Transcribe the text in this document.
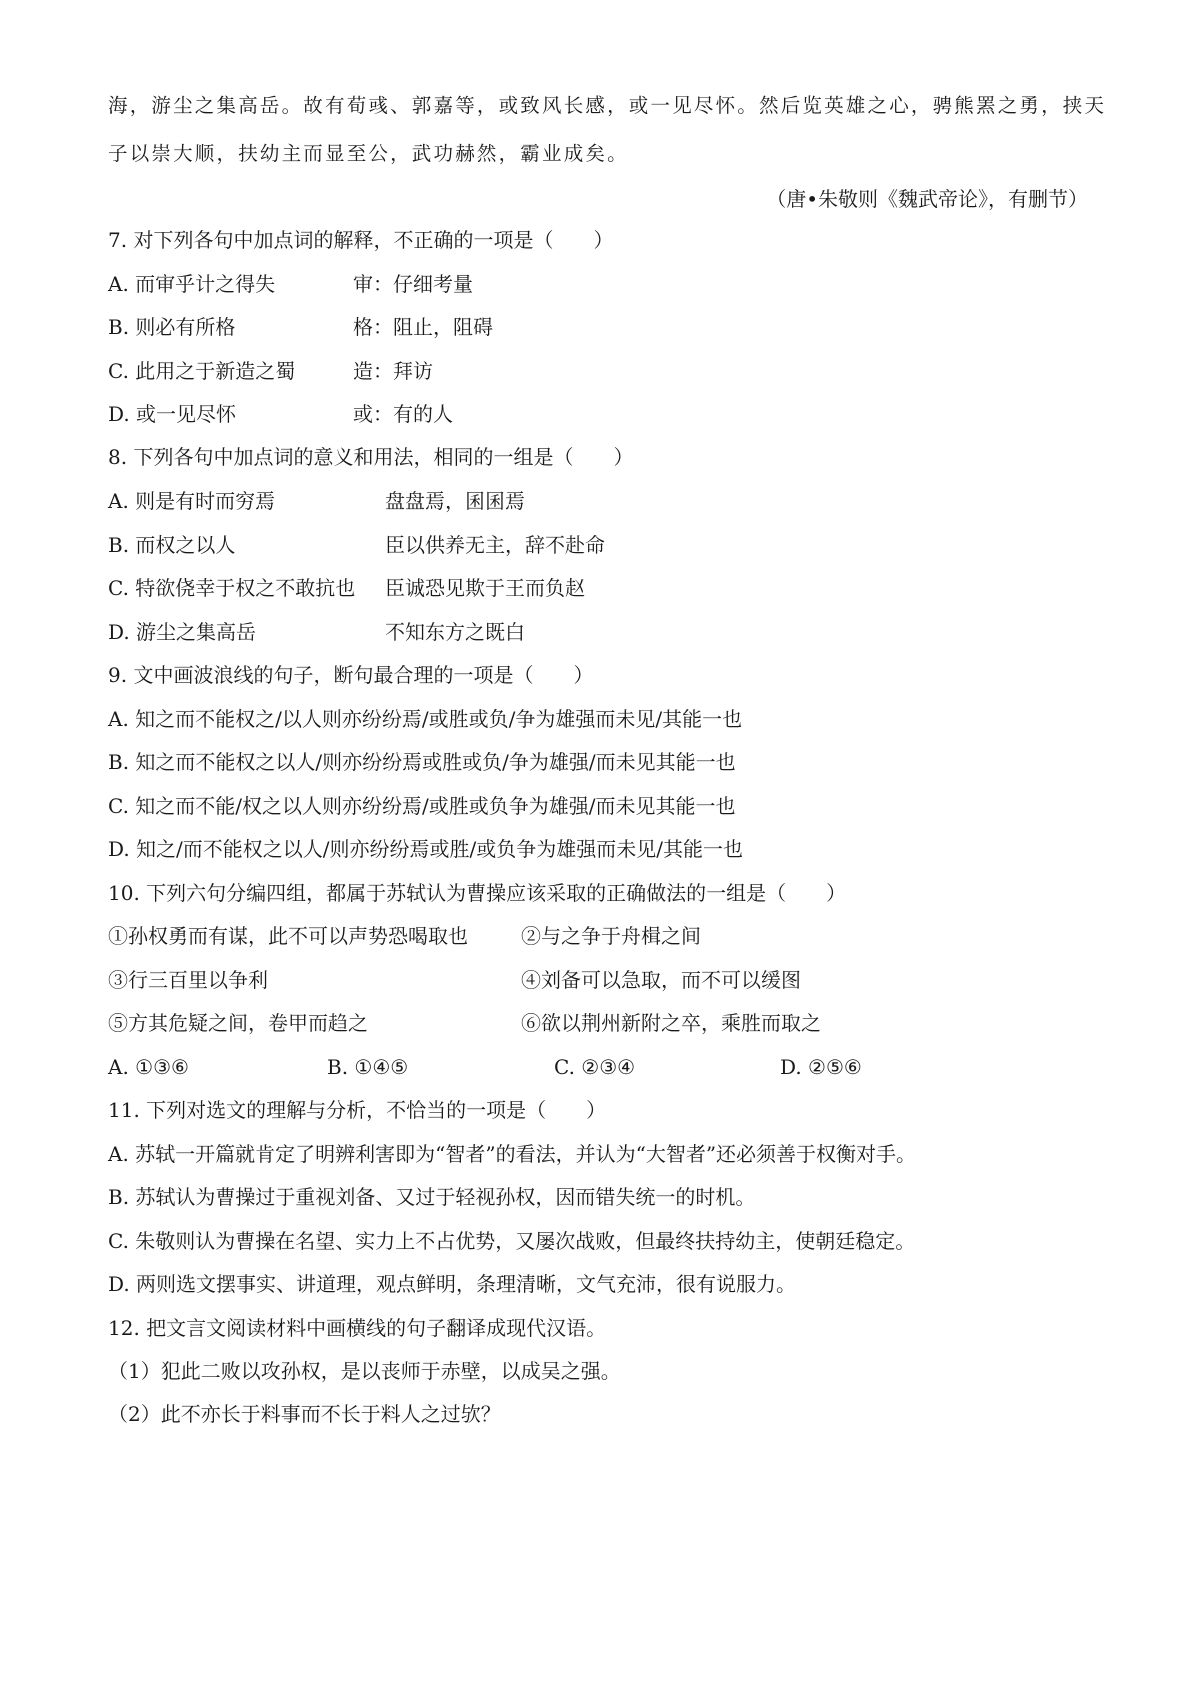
海，游尘之集高岳。故有荀彧、郭嘉等，或致风长感，或一见尽怀。然后览英雄之心，骋熊罴之勇，挟天
子以崇大顺，扶幼主而显至公，武功赫然，霸业成矣。
（唐•朱敬则《魏武帝论》，有删节）
7. 对下列各句中加点词的解释，不正确的一项是（　　）
A. 而审乎计之得失	审：仔细考量
B. 则必有所格	格：阻止，阻碍
C. 此用之于新造之蜀	造：拜访
D. 或一见尽怀	或：有的人
8. 下列各句中加点词的意义和用法，相同的一组是（　　）
A. 则是有时而穷焉	盘盘焉，囷囷焉
B. 而权之以人	臣以供养无主，辞不赴命
C. 特欲侥幸于权之不敢抗也 臣诚恐见欺于王而负赵
D. 游尘之集高岳	不知东方之既白
9. 文中画波浪线的句子，断句最合理的一项是（　　）
A. 知之而不能权之/以人则亦纷纷焉/或胜或负/争为雄强而未见/其能一也
B. 知之而不能权之以人/则亦纷纷焉或胜或负/争为雄强/而未见其能一也
C. 知之而不能/权之以人则亦纷纷焉/或胜或负争为雄强/而未见其能一也
D. 知之/而不能权之以人/则亦纷纷焉或胜/或负争为雄强而未见/其能一也
10. 下列六句分编四组，都属于苏轼认为曹操应该采取的正确做法的一组是（　　）
①孙权勇而有谋，此不可以声势恐喝取也	②与之争于舟楫之间
③行三百里以争利	④刘备可以急取，而不可以缓图
⑤方其危疑之间，卷甲而趋之	⑥欲以荆州新附之卒，乘胜而取之
A. ①③⑥	B. ①④⑤	C. ②③④	D. ②⑤⑥
11. 下列对选文的理解与分析，不恰当的一项是（　　）
A. 苏轼一开篇就肯定了明辨利害即为“智者”的看法，并认为“大智者”还必须善于权衡对手。
B. 苏轼认为曹操过于重视刘备、又过于轻视孙权，因而错失统一的时机。
C. 朱敬则认为曹操在名望、实力上不占优势，又屡次战败，但最终扶持幼主，使朝廷稳定。
D. 两则选文摆事实、讲道理，观点鲜明，条理清晰，文气充沛，很有说服力。
12. 把文言文阅读材料中画横线的句子翻译成现代汉语。
（1）犯此二败以攻孙权，是以丧师于赤壁，以成吴之强。
（2）此不亦长于料事而不长于料人之过欤？
